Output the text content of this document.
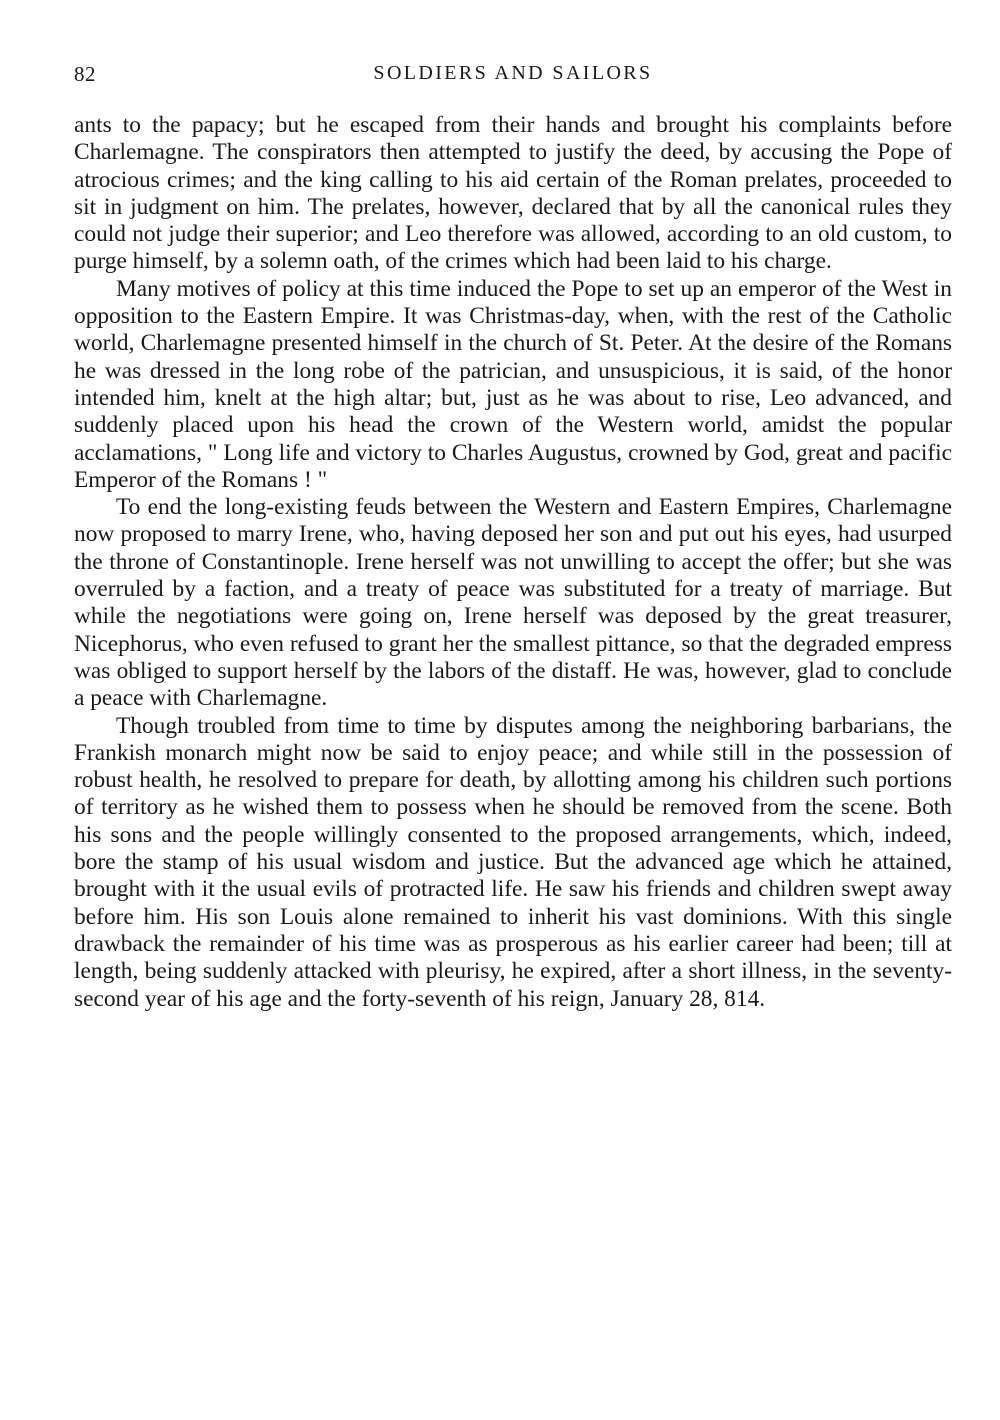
82	SOLDIERS AND SAILORS

ants to the papacy; but he escaped from their hands and brought his complaints before Charlemagne. The conspirators then attempted to justify the deed, by accusing the Pope of atrocious crimes; and the king calling to his aid certain of the Roman prelates, proceeded to sit in judgment on him. The prelates, however, declared that by all the canonical rules they could not judge their superior; and Leo therefore was allowed, according to an old custom, to purge himself, by a solemn oath, of the crimes which had been laid to his charge.

Many motives of policy at this time induced the Pope to set up an emperor of the West in opposition to the Eastern Empire. It was Christmas-day, when, with the rest of the Catholic world, Charlemagne presented himself in the church of St. Peter. At the desire of the Romans he was dressed in the long robe of the patrician, and unsuspicious, it is said, of the honor intended him, knelt at the high altar; but, just as he was about to rise, Leo advanced, and suddenly placed upon his head the crown of the Western world, amidst the popular acclamations, " Long life and victory to Charles Augustus, crowned by God, great and pacific Emperor of the Romans ! "

To end the long-existing feuds between the Western and Eastern Empires, Charlemagne now proposed to marry Irene, who, having deposed her son and put out his eyes, had usurped the throne of Constantinople. Irene herself was not unwilling to accept the offer; but she was overruled by a faction, and a treaty of peace was substituted for a treaty of marriage. But while the negotiations were going on, Irene herself was deposed by the great treasurer, Nicephorus, who even refused to grant her the smallest pittance, so that the degraded empress was obliged to support herself by the labors of the distaff. He was, however, glad to conclude a peace with Charlemagne.

Though troubled from time to time by disputes among the neighboring barbarians, the Frankish monarch might now be said to enjoy peace; and while still in the possession of robust health, he resolved to prepare for death, by allotting among his children such portions of territory as he wished them to possess when he should be removed from the scene. Both his sons and the people willingly consented to the proposed arrangements, which, indeed, bore the stamp of his usual wisdom and justice. But the advanced age which he attained, brought with it the usual evils of protracted life. He saw his friends and children swept away before him. His son Louis alone remained to inherit his vast dominions. With this single drawback the remainder of his time was as prosperous as his earlier career had been; till at length, being suddenly attacked with pleurisy, he expired, after a short illness, in the seventy-second year of his age and the forty-seventh of his reign, January 28, 814.
